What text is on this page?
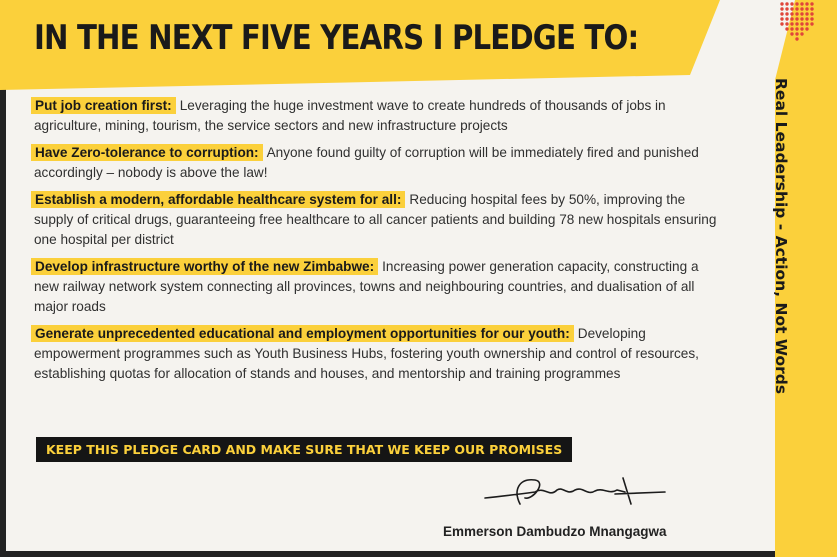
IN THE NEXT FIVE YEARS I PLEDGE TO:
Real Leadership - Action, Not Words

Put job creation first: Leveraging the huge investment wave to create hundreds of thousands of jobs in agriculture, mining, tourism, the service sectors and new infrastructure projects

Have Zero-tolerance to corruption: Anyone found guilty of corruption will be immediately fired and punished accordingly – nobody is above the law!

Establish a modern, affordable healthcare system for all: Reducing hospital fees by 50%, improving the supply of critical drugs, guaranteeing free healthcare to all cancer patients and building 78 new hospitals ensuring one hospital per district

Develop infrastructure worthy of the new Zimbabwe: Increasing power generation capacity, constructing a new railway network system connecting all provinces, towns and neighbouring countries, and dualisation of all major roads

Generate unprecedented educational and employment opportunities for our youth: Developing empowerment programmes such as Youth Business Hubs, fostering youth ownership and control of resources, establishing quotas for allocation of stands and houses, and mentorship and training programmes

KEEP THIS PLEDGE CARD AND MAKE SURE THAT WE KEEP OUR PROMISES
Emmerson Dambudzo Mnangagwa
